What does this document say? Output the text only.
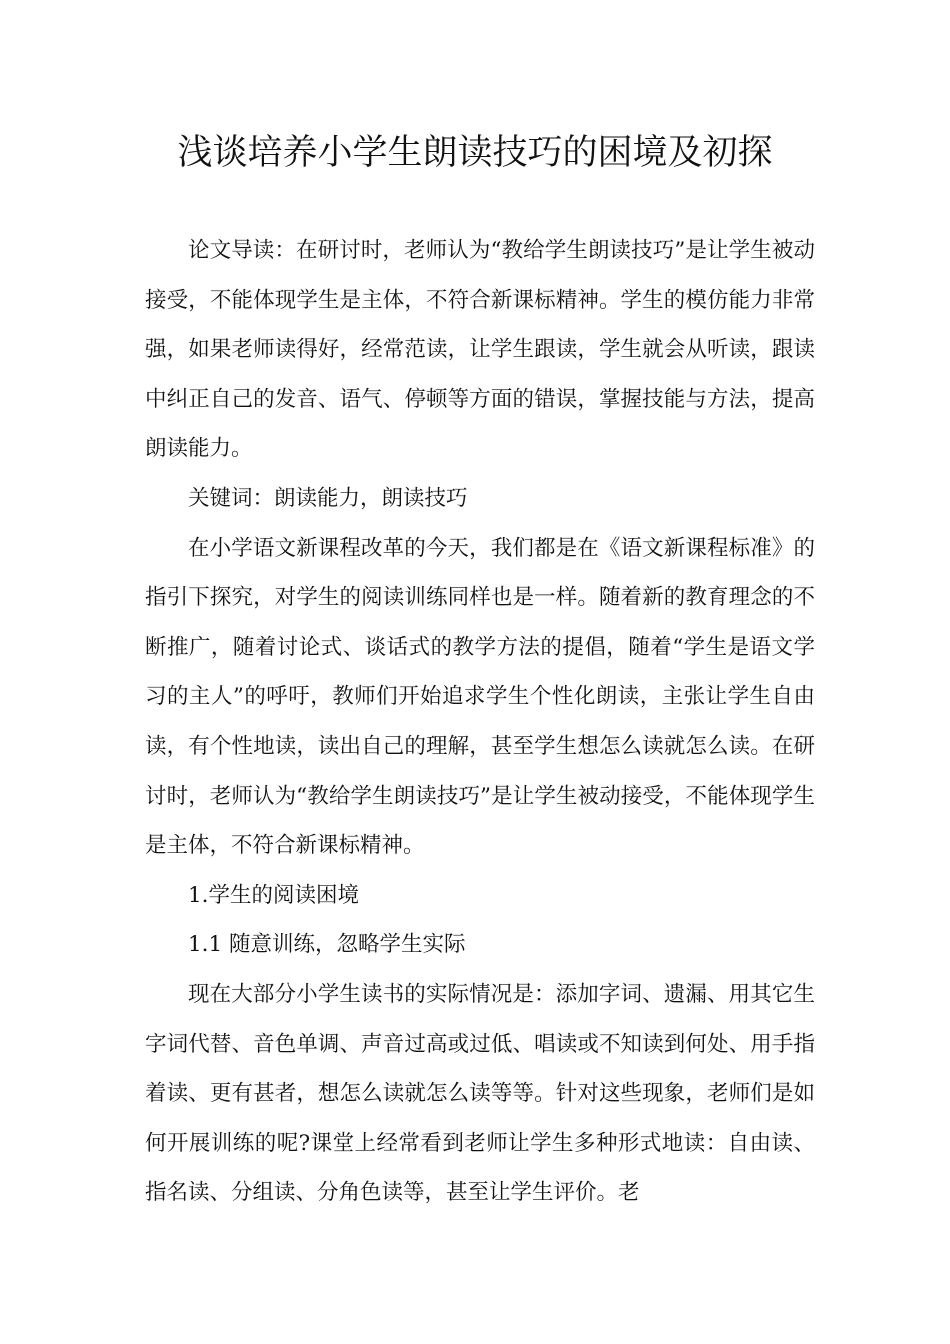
浅谈培养小学生朗读技巧的困境及初探

论文导读：在研讨时，老师认为“教给学生朗读技巧”是让学生被动接受，不能体现学生是主体，不符合新课标精神。学生的模仿能力非常强，如果老师读得好，经常范读，让学生跟读，学生就会从听读，跟读中纠正自己的发音、语气、停顿等方面的错误，掌握技能与方法，提高朗读能力。

关键词：朗读能力，朗读技巧

在小学语文新课程改革的今天，我们都是在《语文新课程标准》的指引下探究，对学生的阅读训练同样也是一样。随着新的教育理念的不断推广，随着讨论式、谈话式的教学方法的提倡，随着“学生是语文学习的主人”的呼吁，教师们开始追求学生个性化朗读，主张让学生自由读，有个性地读，读出自己的理解，甚至学生想怎么读就怎么读。在研讨时，老师认为“教给学生朗读技巧”是让学生被动接受，不能体现学生是主体，不符合新课标精神。

1.学生的阅读困境

1.1 随意训练，忽略学生实际

现在大部分小学生读书的实际情况是：添加字词、遗漏、用其它生字词代替、音色单调、声音过高或过低、唱读或不知读到何处、用手指着读、更有甚者，想怎么读就怎么读等等。针对这些现象，老师们是如何开展训练的呢?课堂上经常看到老师让学生多种形式地读：自由读、指名读、分组读、分角色读等，甚至让学生评价。老
